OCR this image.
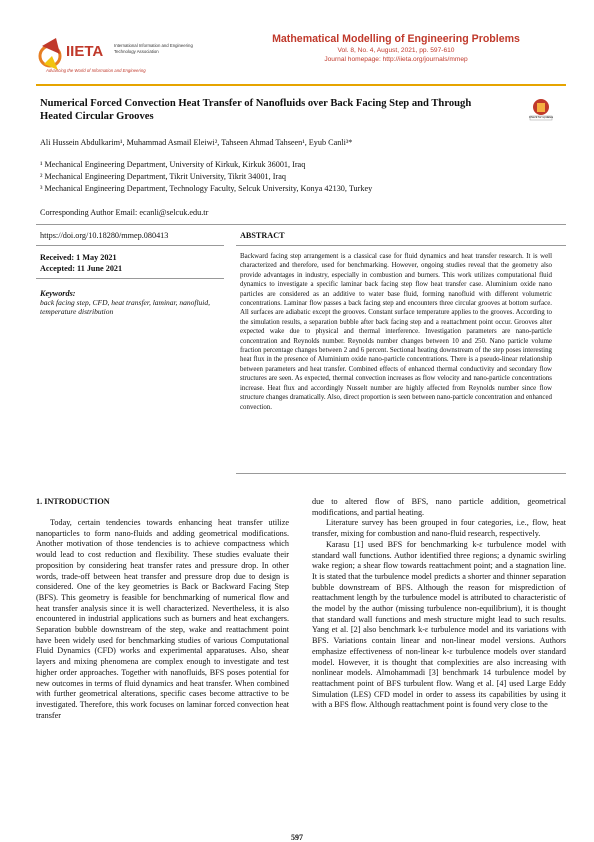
IIETA	International Information and Engineering Technology Association
Advancing the World of Information and Engineering
Mathematical Modelling of Engineering Problems
Vol. 8, No. 4, August, 2021, pp. 597-610
Journal homepage: http://iieta.org/journals/mmep
Numerical Forced Convection Heat Transfer of Nanofluids over Back Facing Step and Through Heated Circular Grooves	Check for updates
Ali Hussein Abdulkarim¹, Muhammad Asmail Eleiwi², Tahseen Ahmad Tahseen¹, Eyub Canli³*
¹ Mechanical Engineering Department, University of Kirkuk, Kirkuk 36001, Iraq
² Mechanical Engineering Department, Tikrit University, Tikrit 34001, Iraq
³ Mechanical Engineering Department, Technology Faculty, Selcuk University, Konya 42130, Turkey
Corresponding Author Email: ecanli@selcuk.edu.tr
https://doi.org/10.18280/mmep.080413	ABSTRACT
Received: 1 May 2021
Accepted: 11 June 2021
Keywords:
back facing step, CFD, heat transfer, laminar, nanofluid, temperature distribution
Backward facing step arrangement is a classical case for fluid dynamics and heat transfer research. It is well characterized and therefore, used for benchmarking. However, ongoing studies reveal that the geometry also provide advantages in industry, especially in combustion and burners. This work utilizes computational fluid dynamics to investigate a specific laminar back facing step flow heat transfer case. Aluminium oxide nano particles are considered as an additive to water base fluid, forming nanofluid with different volumetric concentrations. Laminar flow passes a back facing step and encounters three circular grooves at bottom surface. All surfaces are adiabatic except the grooves. Constant surface temperature applies to the grooves. According to the simulation results, a separation bubble after back facing step and a reattachment point occur. Grooves alter expected wake due to physical and thermal interference. Investigation parameters are nano-particle concentration and Reynolds number. Reynolds number changes between 10 and 250. Nano particle volume fraction percentage changes between 2 and 6 percent. Sectional heating downstream of the step poses interesting heat flux in the presence of Aluminium oxide nano-particle concentrations. There is a pseudo-linear relationship between parameters and heat transfer. Combined effects of enhanced thermal conductivity and secondary flow structures are seen. As expected, thermal convection increases as flow velocity and nano-particle concentrations increase. Heat flux and accordingly Nusselt number are highly affected from Reynolds number since flow structure changes dramatically. Also, direct proportion is seen between nano-particle concentration and enhanced convection.
1. INTRODUCTION

Today, certain tendencies towards enhancing heat transfer utilize nanoparticles to form nano-fluids and adding geometrical modifications. Another motivation of those tendencies is to achieve compactness which would lead to cost reduction and flexibility. These studies evaluate their proposition by considering heat transfer rates and pressure drop. In other words, trade-off between heat transfer and pressure drop due to design is considered. One of the key geometries is Back or Backward Facing Step (BFS). This geometry is feasible for benchmarking of numerical flow and heat transfer analysis since it is well characterized. Nevertheless, it is also encountered in industrial applications such as burners and heat exchangers. Separation bubble downstream of the step, wake and reattachment point have been widely used for benchmarking studies of various Computational Fluid Dynamics (CFD) works and experimental apparatuses. Also, shear layers and mixing phenomena are complex enough to investigate and test higher order approaches. Together with nanofluids, BFS poses potential for new outcomes in terms of fluid dynamics and heat transfer. When combined with further geometrical alterations, specific cases become attractive to be investigated. Therefore, this work focuses on laminar forced convection heat transfer

due to altered flow of BFS, nano particle addition, geometrical modifications, and partial heating.

Literature survey has been grouped in four categories, i.e., flow, heat transfer, mixing for combustion and nano-fluid research, respectively.

Karasu [1] used BFS for benchmarking k-ε turbulence model with standard wall functions. Author identified three regions; a dynamic swirling wake region; a shear flow towards reattachment point; and a stagnation line. It is stated that the turbulence model predicts a shorter and thinner separation bubble downstream of BFS. Although the reason for misprediction of reattachment length by the turbulence model is attributed to characteristic of the model by the author (missing turbulence non-equilibrium), it is thought that standard wall functions and mesh structure might lead to such results. Yang et al. [2] also benchmark k-ε turbulence model and its variations with BFS. Variations contain linear and non-linear model versions. Authors emphasize effectiveness of non-linear k-ε turbulence models over standard model. However, it is thought that complexities are also increasing with nonlinear models. Almohammadi [3] benchmark 14 turbulence model by reattachment point of BFS turbulent flow. Wang et al. [4] used Large Eddy Simulation (LES) CFD model in order to assess its capabilities by using it with a BFS flow. Although reattachment point is found very close to the

597
